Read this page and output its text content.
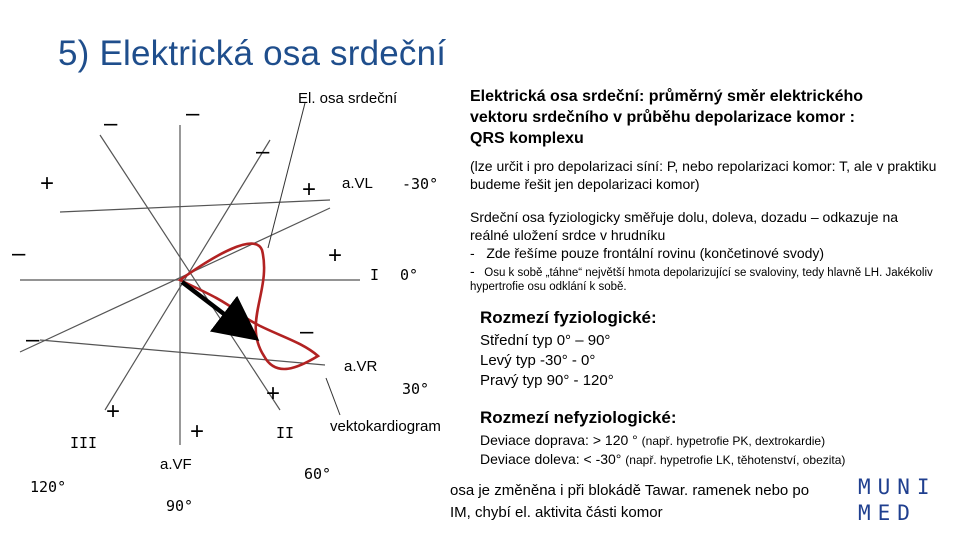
5) Elektrická osa srdeční
–	–
–
+	+
–	+
–	–
+
+
+
El. osa srdeční
a.VL -30°
I 0°
a.VR
30°
vektokardiogram
III
II
a.VF
60°
120°
90°
Elektrická osa srdeční: průměrný směr elektrického vektoru srdečního v průběhu depolarizace komor : QRS komplexu
(lze určit i pro depolarizaci síní: P, nebo repolarizaci komor: T, ale v praktiku budeme řešit jen depolarizaci komor)
Srdeční osa fyziologicky směřuje dolu, doleva, dozadu – odkazuje na reálné uložení srdce v hrudníku
- Zde řešíme pouze frontální rovinu (končetinové svody)
- Osu k sobě „táhne“ největší hmota depolarizující se svaloviny, tedy hlavně LH. Jakékoliv hypertrofie osu odklání k sobě.
Rozmezí fyziologické:
Střední typ 0° – 90°
Levý typ -30° - 0°
Pravý typ 90° - 120°
Rozmezí nefyziologické:
Deviace doprava: > 120 ° (např. hypetrofie PK, dextrokardie)
Deviace doleva: < -30° (např. hypetrofie LK, těhotenství, obezita)
osa je změněna i při blokádě Tawar. ramenek nebo po IM, chybí el. aktivita části komor
MUNI
MED
